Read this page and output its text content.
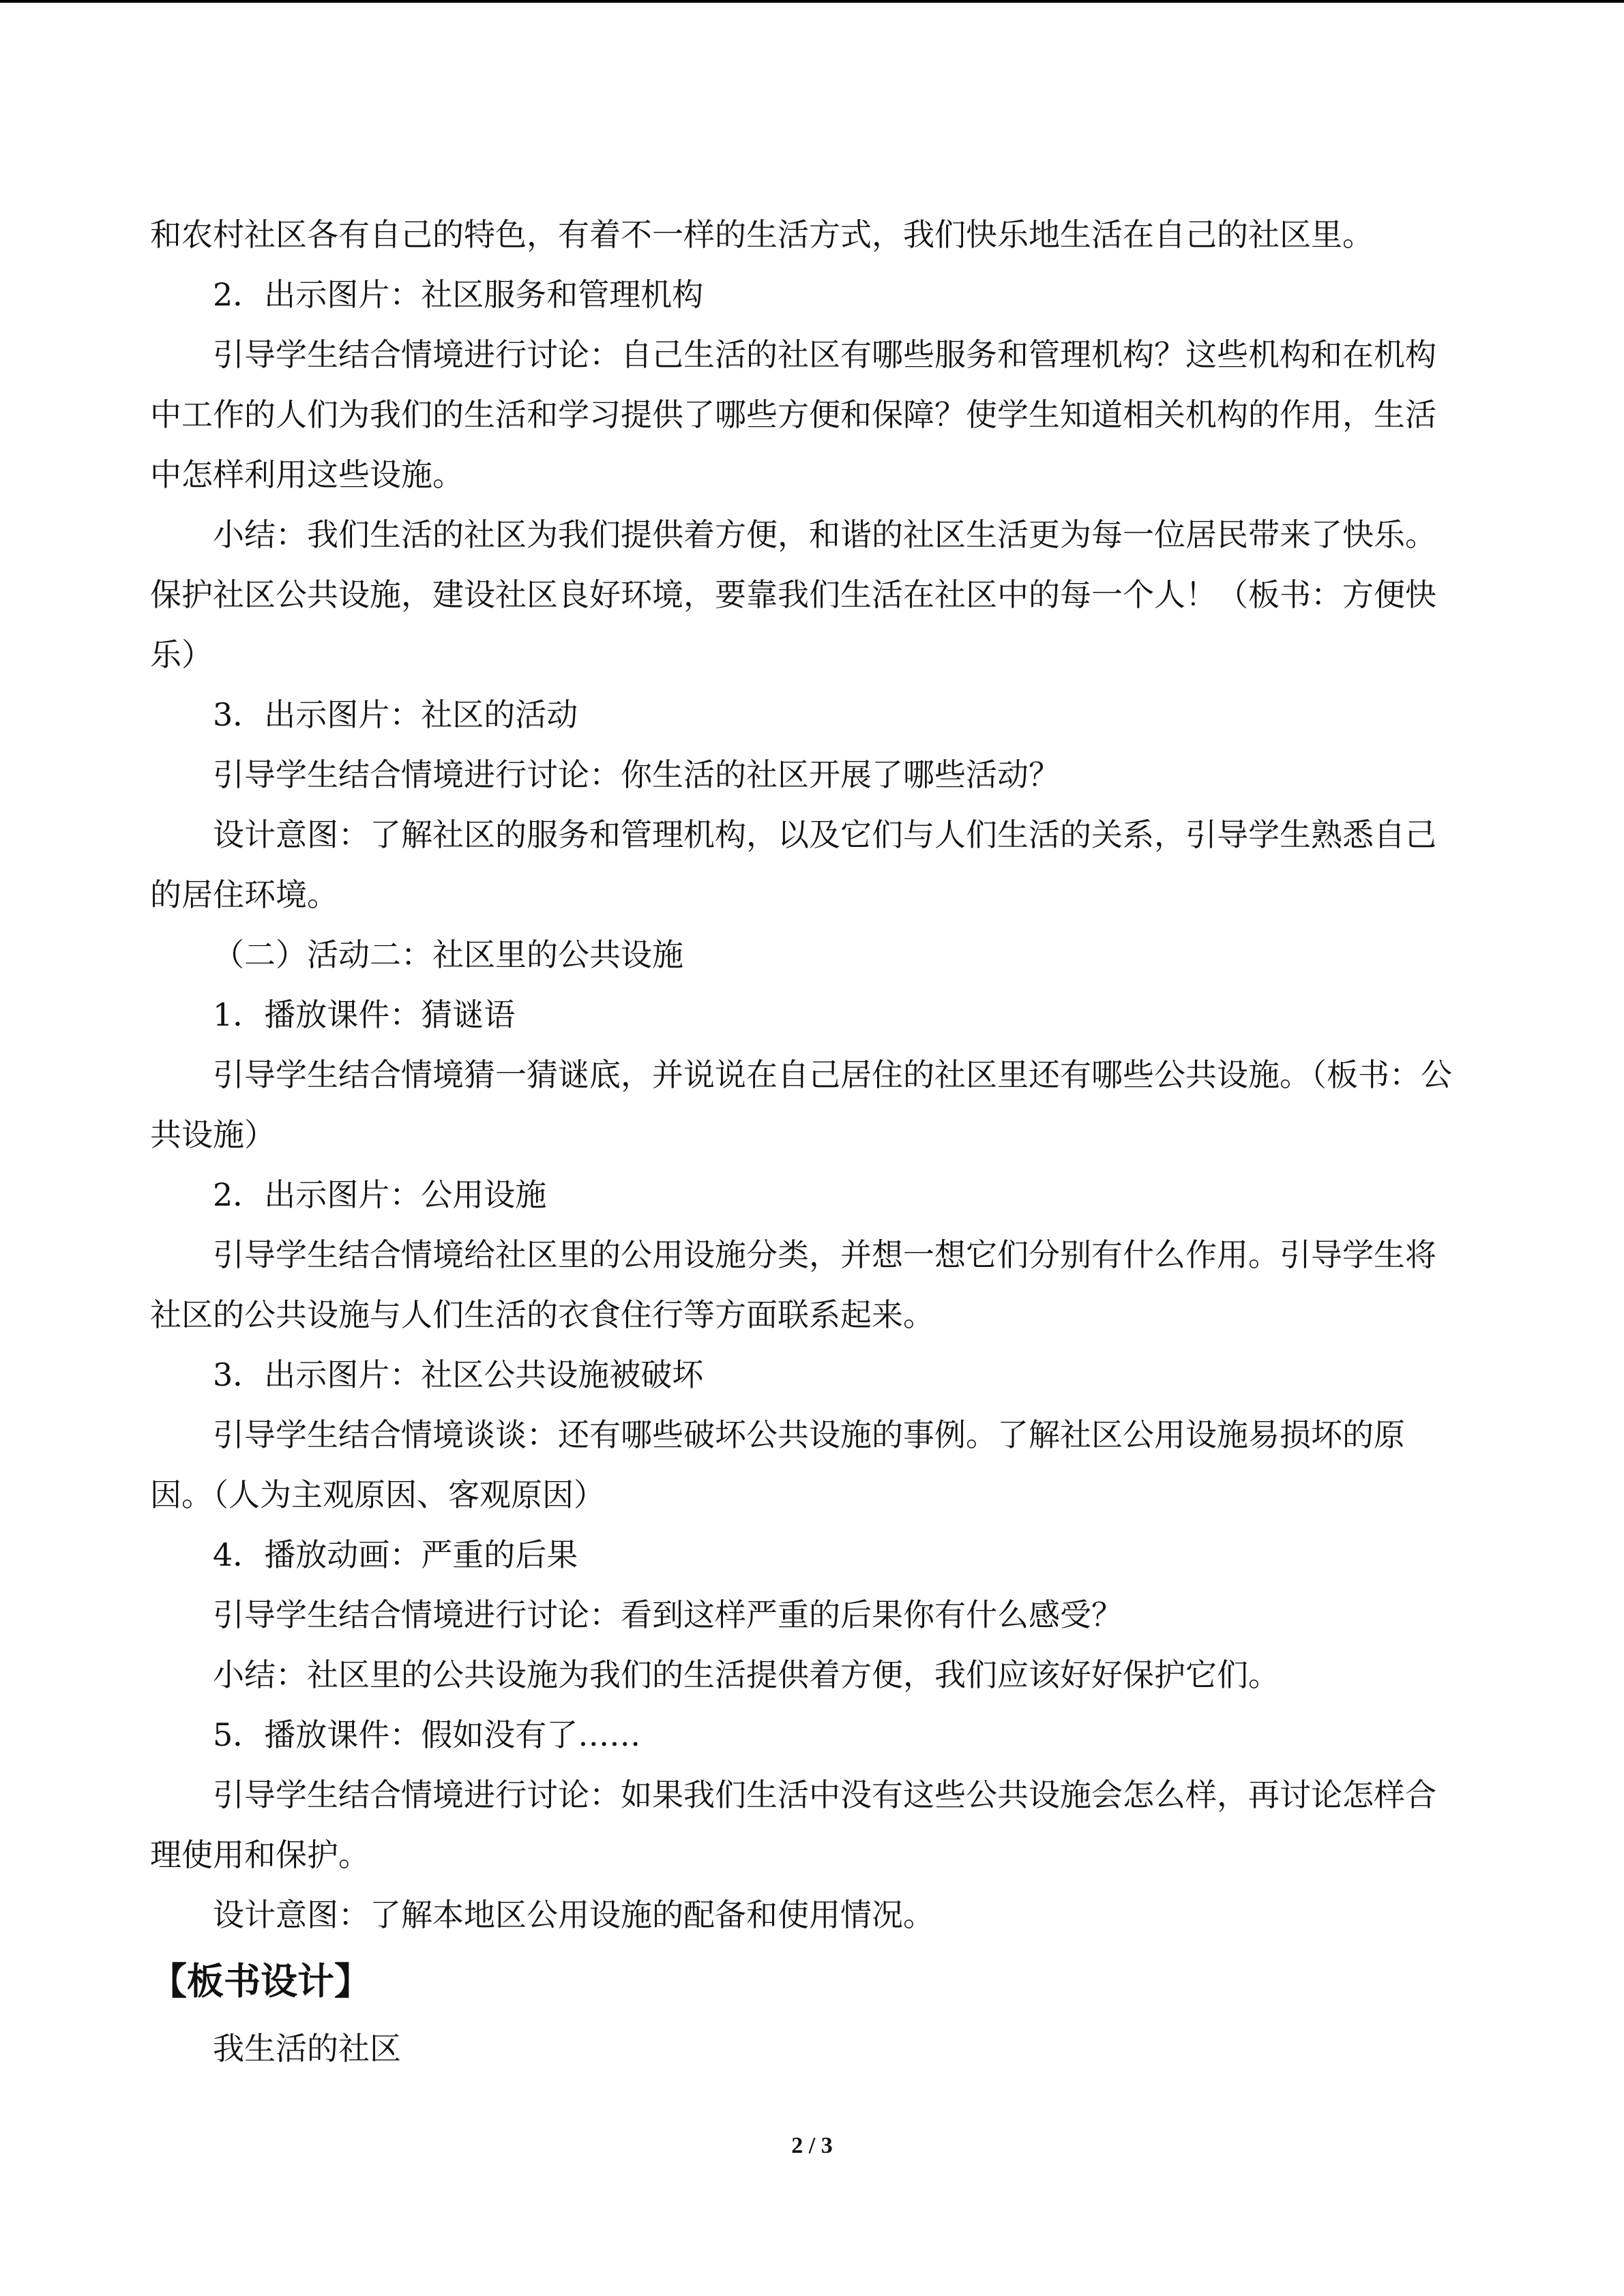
和农村社区各有自己的特色，有着不一样的生活方式，我们快乐地生活在自己的社区里。

2．出示图片：社区服务和管理机构

引导学生结合情境进行讨论：自己生活的社区有哪些服务和管理机构？这些机构和在机构中工作的人们为我们的生活和学习提供了哪些方便和保障？使学生知道相关机构的作用，生活中怎样利用这些设施。

小结：我们生活的社区为我们提供着方便，和谐的社区生活更为每一位居民带来了快乐。保护社区公共设施，建设社区良好环境，要靠我们生活在社区中的每一个人！（板书：方便快乐）

3．出示图片：社区的活动

引导学生结合情境进行讨论：你生活的社区开展了哪些活动？

设计意图：了解社区的服务和管理机构，以及它们与人们生活的关系，引导学生熟悉自己的居住环境。

（二）活动二：社区里的公共设施

1．播放课件：猜谜语

引导学生结合情境猜一猜谜底，并说说在自己居住的社区里还有哪些公共设施。（板书：公共设施）

2．出示图片：公用设施

引导学生结合情境给社区里的公用设施分类，并想一想它们分别有什么作用。引导学生将社区的公共设施与人们生活的衣食住行等方面联系起来。

3．出示图片：社区公共设施被破坏

引导学生结合情境谈谈：还有哪些破坏公共设施的事例。了解社区公用设施易损坏的原因。（人为主观原因、客观原因）

4．播放动画：严重的后果

引导学生结合情境进行讨论：看到这样严重的后果你有什么感受？

小结：社区里的公共设施为我们的生活提供着方便，我们应该好好保护它们。

5．播放课件：假如没有了……

引导学生结合情境进行讨论：如果我们生活中没有这些公共设施会怎么样，再讨论怎样合理使用和保护。

设计意图：了解本地区公用设施的配备和使用情况。

【板书设计】

我生活的社区

2 / 3
